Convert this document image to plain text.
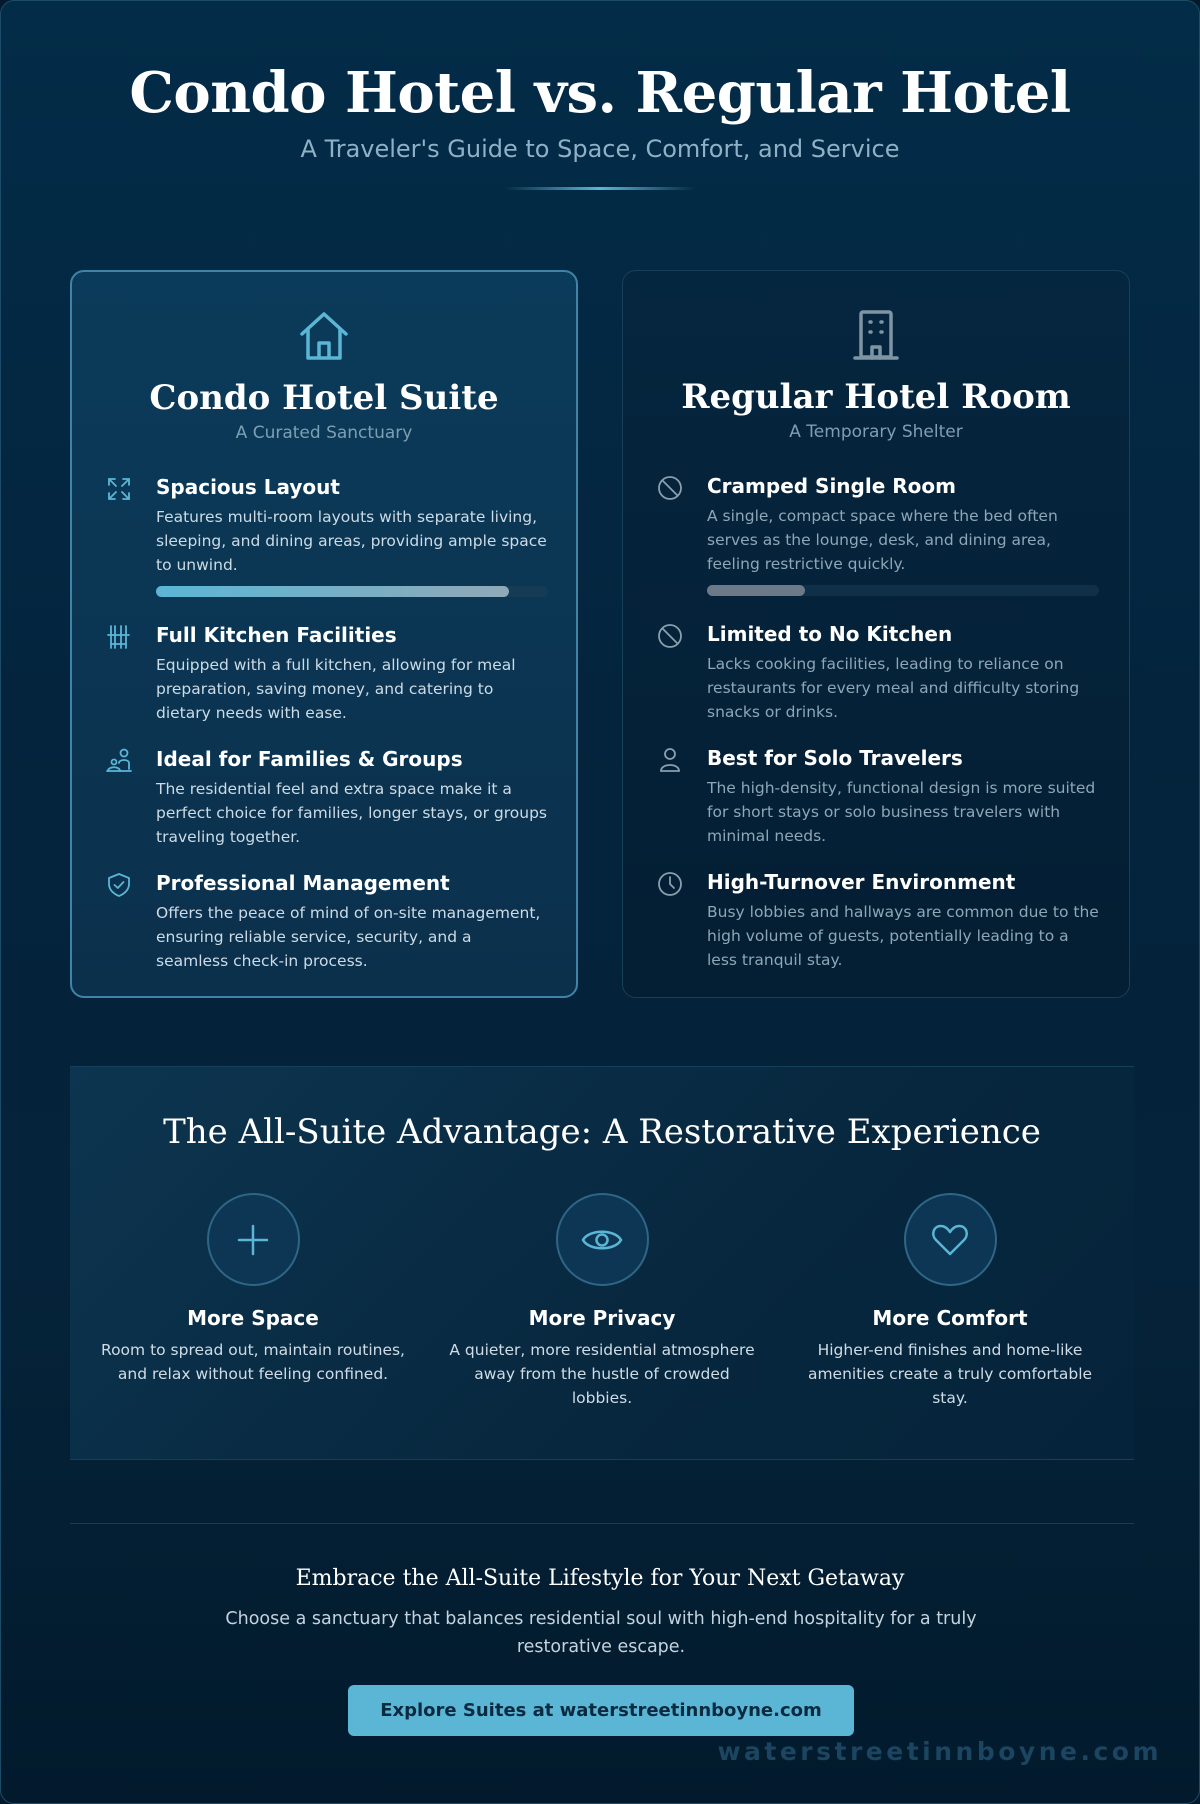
Condo Hotel vs. Regular Hotel
A Traveler's Guide to Space, Comfort, and Service
Condo Hotel Suite
A Curated Sanctuary
Spacious Layout
Features multi-room layouts with separate living, sleeping, and dining areas, providing ample space to unwind.
Full Kitchen Facilities
Equipped with a full kitchen, allowing for meal preparation, saving money, and catering to dietary needs with ease.
Ideal for Families & Groups
The residential feel and extra space make it a perfect choice for families, longer stays, or groups traveling together.
Professional Management
Offers the peace of mind of on-site management, ensuring reliable service, security, and a seamless check-in process.
Regular Hotel Room
A Temporary Shelter
Cramped Single Room
A single, compact space where the bed often serves as the lounge, desk, and dining area, feeling restrictive quickly.
Limited to No Kitchen
Lacks cooking facilities, leading to reliance on restaurants for every meal and difficulty storing snacks or drinks.
Best for Solo Travelers
The high-density, functional design is more suited for short stays or solo business travelers with minimal needs.
High-Turnover Environment
Busy lobbies and hallways are common due to the high volume of guests, potentially leading to a less tranquil stay.
The All-Suite Advantage: A Restorative Experience
More Space
Room to spread out, maintain routines, and relax without feeling confined.
More Privacy
A quieter, more residential atmosphere away from the hustle of crowded lobbies.
More Comfort
Higher-end finishes and home-like amenities create a truly comfortable stay.
Embrace the All-Suite Lifestyle for Your Next Getaway
Choose a sanctuary that balances residential soul with high-end hospitality for a truly restorative escape.
Explore Suites at waterstreetinnboyne.com
waterstreetinnboyne.com
